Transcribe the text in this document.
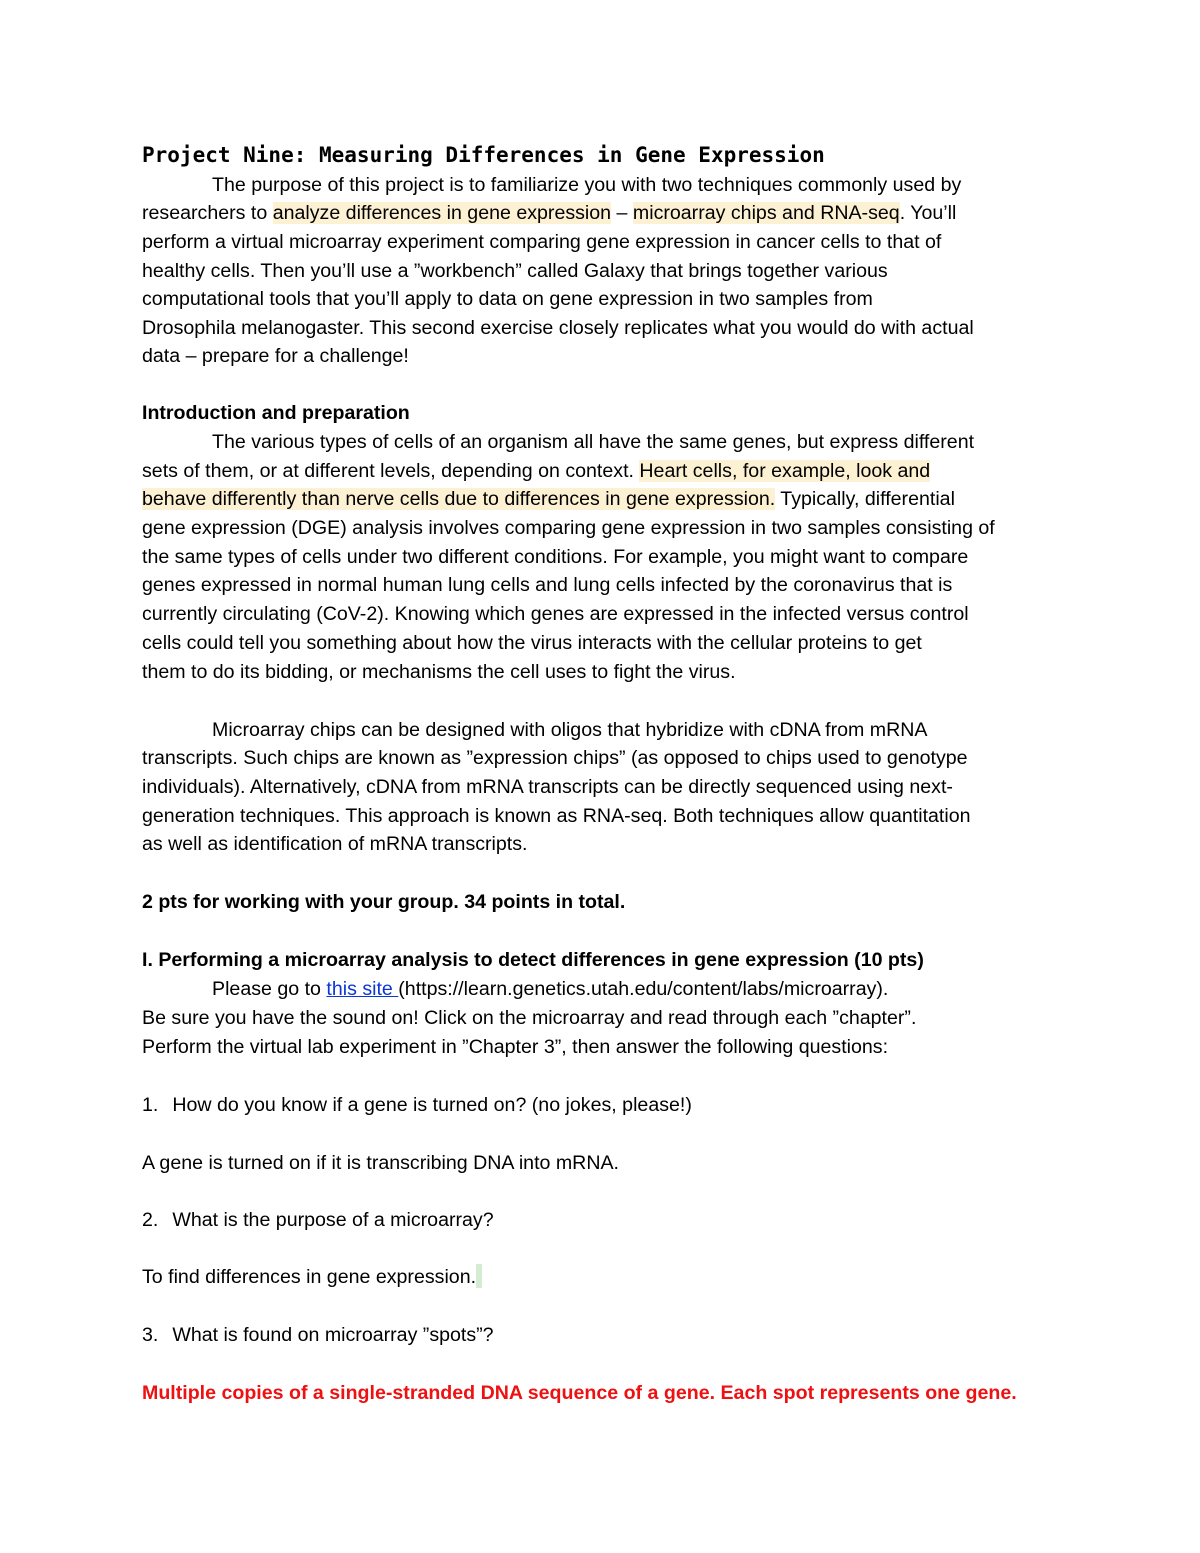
Project Nine: Measuring Differences in Gene Expression

The purpose of this project is to familiarize you with two techniques commonly used by

researchers to analyze differences in gene expression – microarray chips and RNA-seq. You’ll

perform a virtual microarray experiment comparing gene expression in cancer cells to that of

healthy cells. Then you’ll use a ”workbench” called Galaxy that brings together various

computational tools that you’ll apply to data on gene expression in two samples from

Drosophila melanogaster. This second exercise closely replicates what you would do with actual

data – prepare for a challenge!

Introduction and preparation

The various types of cells of an organism all have the same genes, but express different

sets of them, or at different levels, depending on context. Heart cells, for example, look and

behave differently than nerve cells due to differences in gene expression. Typically, differential

gene expression (DGE) analysis involves comparing gene expression in two samples consisting of

the same types of cells under two different conditions. For example, you might want to compare

genes expressed in normal human lung cells and lung cells infected by the coronavirus that is

currently circulating (CoV-2). Knowing which genes are expressed in the infected versus control

cells could tell you something about how the virus interacts with the cellular proteins to get

them to do its bidding, or mechanisms the cell uses to fight the virus.

Microarray chips can be designed with oligos that hybridize with cDNA from mRNA

transcripts. Such chips are known as ”expression chips” (as opposed to chips used to genotype

individuals). Alternatively, cDNA from mRNA transcripts can be directly sequenced using next-

generation techniques. This approach is known as RNA-seq. Both techniques allow quantitation

as well as identification of mRNA transcripts.

2 pts for working with your group. 34 points in total.

I. Performing a microarray analysis to detect differences in gene expression (10 pts)

Please go to this site (https://learn.genetics.utah.edu/content/labs/microarray).

Be sure you have the sound on! Click on the microarray and read through each ”chapter”.

Perform the virtual lab experiment in ”Chapter 3”, then answer the following questions:

1. How do you know if a gene is turned on? (no jokes, please!)

A gene is turned on if it is transcribing DNA into mRNA.

2. What is the purpose of a microarray?

To find differences in gene expression.

3. What is found on microarray ”spots”?

Multiple copies of a single-stranded DNA sequence of a gene. Each spot represents one gene.
